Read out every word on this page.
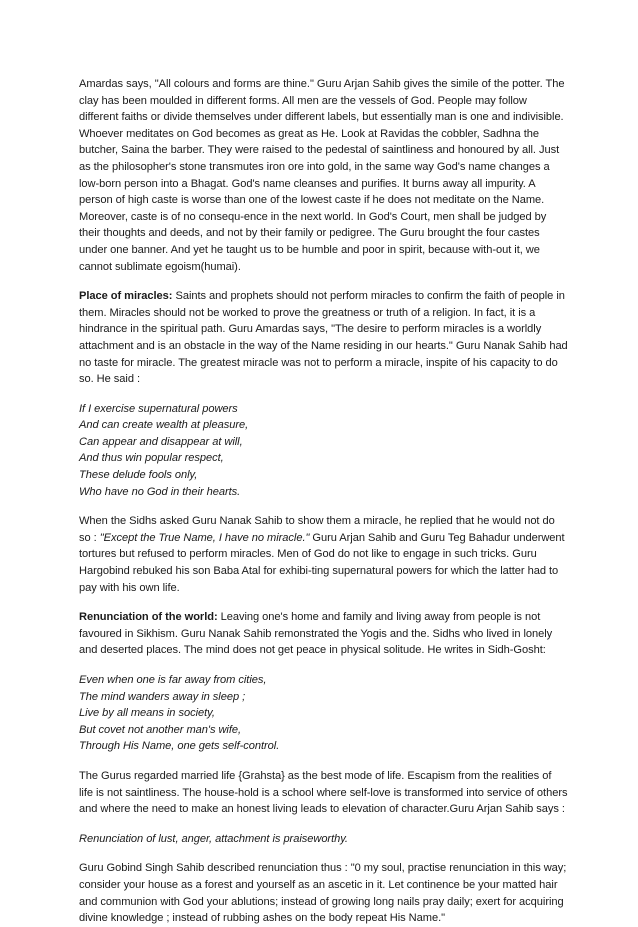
Amardas says, "All colours and forms are thine." Guru Arjan Sahib gives the simile of the potter. The clay has been moulded in different forms. All men are the vessels of God. People may follow different faiths or divide themselves under different labels, but essentially man is one and indivisible. Whoever meditates on God becomes as great as He. Look at Ravidas the cobbler, Sadhna the butcher, Saina the barber. They were raised to the pedestal of saintliness and honoured by all. Just as the philosopher's stone transmutes iron ore into gold, in the same way God's name changes a low-born person into a Bhagat. God's name cleanses and purifies. It burns away all impurity. A person of high caste is worse than one of the lowest caste if he does not meditate on the Name. Moreover, caste is of no consequ-ence in the next world. In God's Court, men shall be judged by their thoughts and deeds, and not by their family or pedigree. The Guru brought the four castes under one banner. And yet he taught us to be humble and poor in spirit, because with-out it, we cannot sublimate egoism(humai).

Place of miracles: Saints and prophets should not perform miracles to confirm the faith of people in them. Miracles should not be worked to prove the greatness or truth of a religion. In fact, it is a hindrance in the spiritual path. Guru Amardas says, "The desire to perform miracles is a worldly attachment and is an obstacle in the way of the Name residing in our hearts." Guru Nanak Sahib had no taste for miracle. The greatest miracle was not to perform a miracle, inspite of his capacity to do so. He said :

If I exercise supernatural powers
And can create wealth at pleasure,
Can appear and disappear at will,
And thus win popular respect,
These delude fools only,
Who have no God in their hearts.

When the Sidhs asked Guru Nanak Sahib to show them a miracle, he replied that he would not do so : "Except the True Name, I have no miracle." Guru Arjan Sahib and Guru Teg Bahadur underwent tortures but refused to perform miracles. Men of God do not like to engage in such tricks. Guru Hargobind rebuked his son Baba Atal for exhibi-ting supernatural powers for which the latter had to pay with his own life.

Renunciation of the world: Leaving one's home and family and living away from people is not favoured in Sikhism. Guru Nanak Sahib remonstrated the Yogis and the. Sidhs who lived in lonely and deserted places. The mind does not get peace in physical solitude. He writes in Sidh-Gosht:

Even when one is far away from cities,
The mind wanders away in sleep ;
Live by all means in society,
But covet not another man's wife,
Through His Name, one gets self-control.

The Gurus regarded married life {Grahsta} as the best mode of life. Escapism from the realities of life is not saintliness. The house-hold is a school where self-love is transformed into service of others and where the need to make an honest living leads to elevation of character.Guru Arjan Sahib says :

Renunciation of lust, anger, attachment is praiseworthy.

Guru Gobind Singh Sahib described renunciation thus : "0 my soul, practise renunciation in this way; consider your house as a forest and yourself as an ascetic in it. Let continence be your matted hair and communion with God your ablutions; instead of growing long nails pray daily; exert for acquiring divine knowledge ; instead of rubbing ashes on the body repeat His Name."
